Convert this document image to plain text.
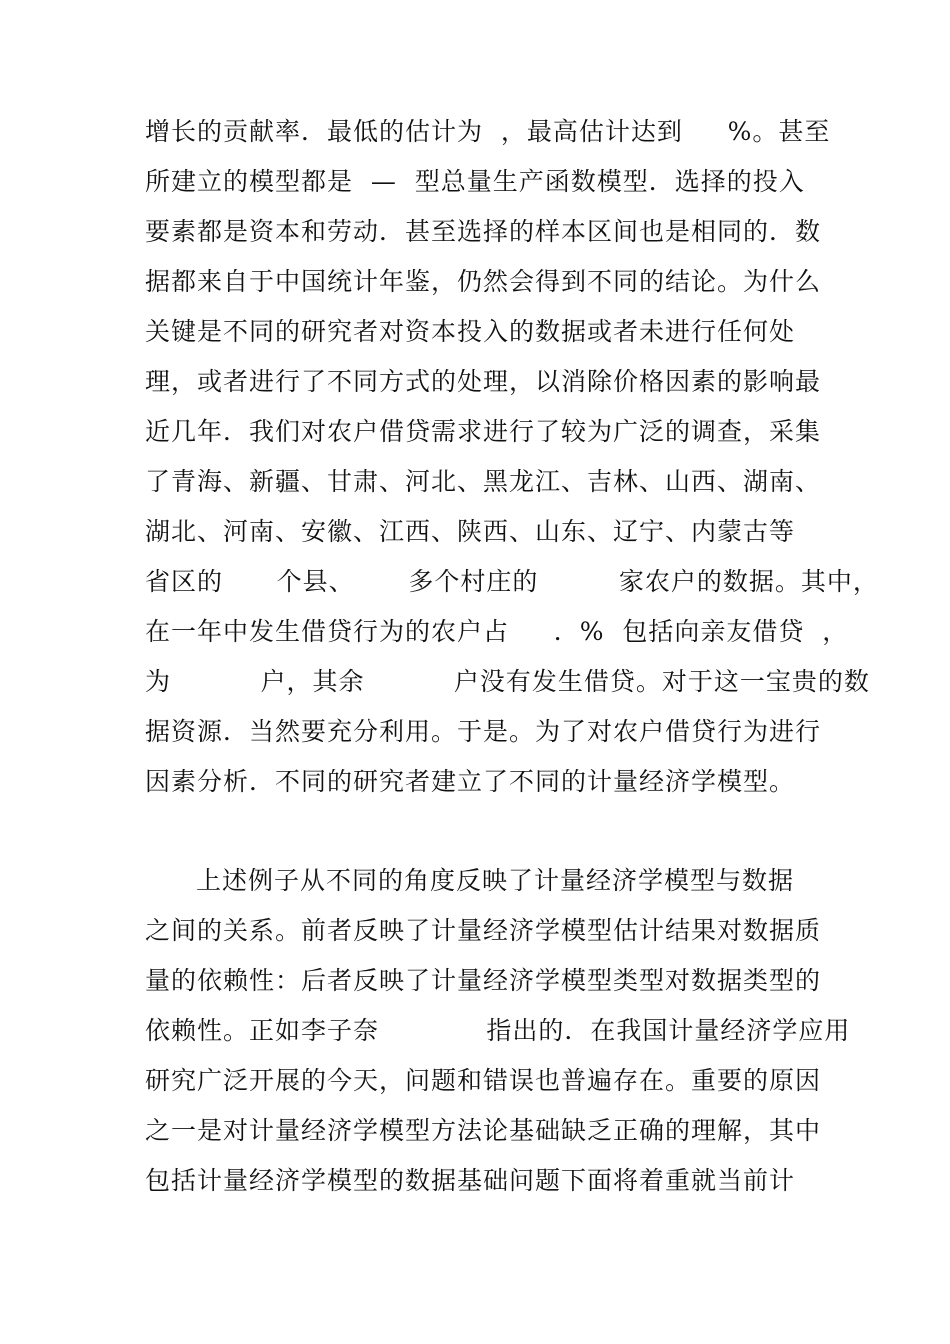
增长的贡献率．最低的估计为  ，最高估计达到     %。甚至
所建立的模型都是  —  型总量生产函数模型．选择的投入
要素都是资本和劳动．甚至选择的样本区间也是相同的．数
据都来自于中国统计年鉴，仍然会得到不同的结论。为什么
关键是不同的研究者对资本投入的数据或者未进行任何处
理，或者进行了不同方式的处理，以消除价格因素的影响最
近几年．我们对农户借贷需求进行了较为广泛的调查，采集
了青海、新疆、甘肃、河北、黑龙江、吉林、山西、湖南、
湖北、河南、安徽、江西、陕西、山东、辽宁、内蒙古等
省区的      个县、      多个村庄的         家农户的数据。其中，
在一年中发生借贷行为的农户占     ．%  包括向亲友借贷  ，
为          户，其余          户没有发生借贷。对于这一宝贵的数
据资源．当然要充分利用。于是。为了对农户借贷行为进行
因素分析．不同的研究者建立了不同的计量经济学模型。
上述例子从不同的角度反映了计量经济学模型与数据
之间的关系。前者反映了计量经济学模型估计结果对数据质
量的依赖性：后者反映了计量经济学模型类型对数据类型的
依赖性。正如李子奈            指出的．在我国计量经济学应用
研究广泛开展的今天，问题和错误也普遍存在。重要的原因
之一是对计量经济学模型方法论基础缺乏正确的理解，其中
包括计量经济学模型的数据基础问题下面将着重就当前计
